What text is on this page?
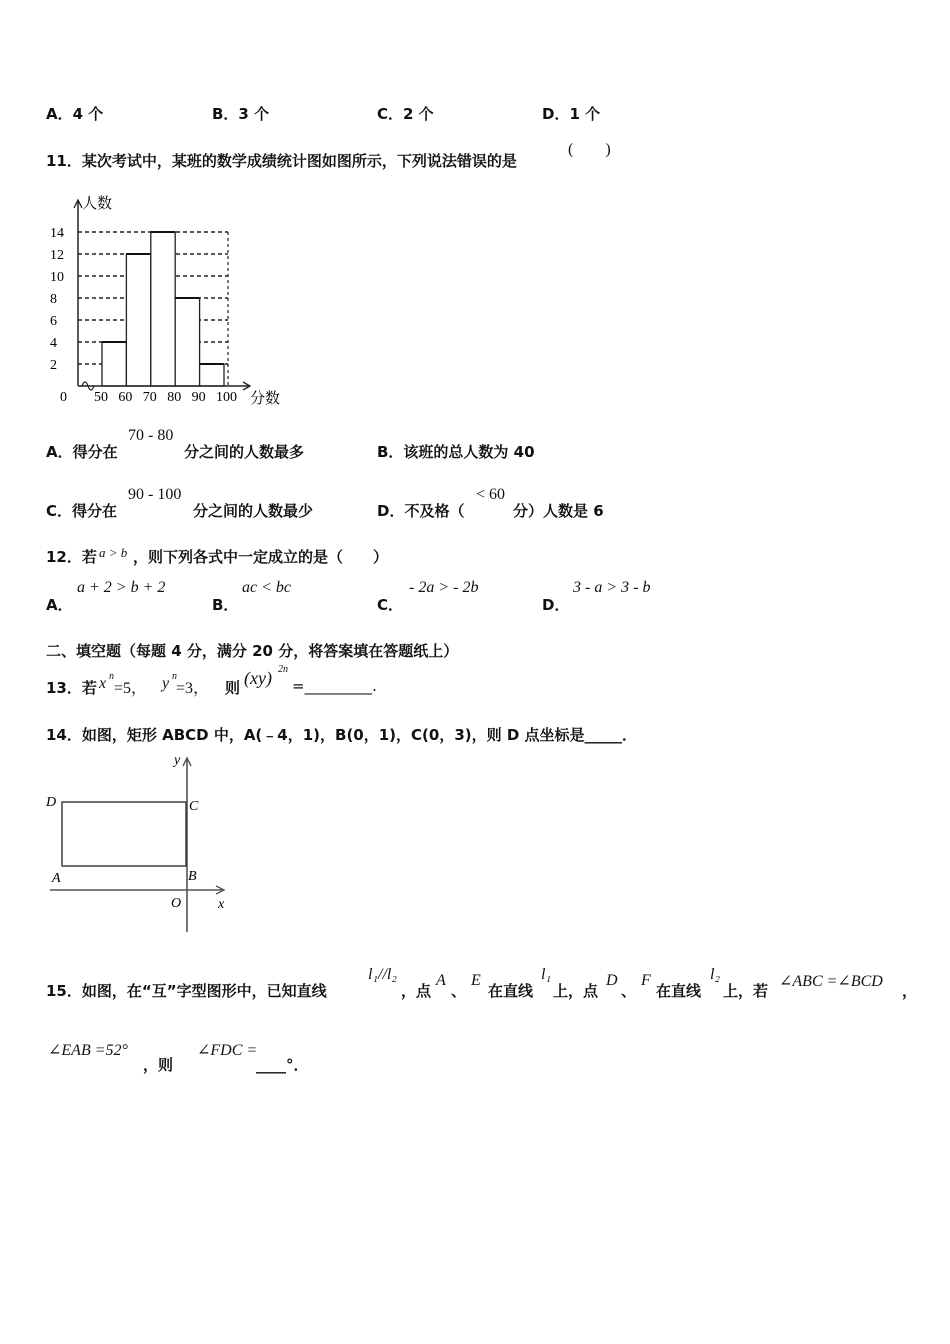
A．4 个	B．3 个	C．2 个	D．1 个
11．某次考试中，某班的数学成绩统计图如图所示，下列说法错误的是
(　　)
2
4
6
8
10
12
14
0 50 60 70 80 90 100
人数
分数
A．得分在
70 - 80
分之间的人数最多	B．该班的总人数为 40
C．得分在
90 - 100
分之间的人数最少	D．不及格（
< 60
分）人数是 6
12．若 a > b ，则下列各式中一定成立的是（　　）
A．
a + 2 > b + 2
B．
ac < bc
C．
- 2a > - 2b
D．
3 - a > 3 - b
二、填空题（每题 4 分，满分 20 分，将答案填在答题纸上）
13．若 x n
=5， y n
=3， 则 (xy) 2n
=_________.
14．如图，矩形 ABCD 中，A(﹣4，1)，B(0，1)，C(0，3)，则 D 点坐标是_____．
D	C
A	B
O	x
y
15．如图，在“互”字型图形中，已知直线
l₁//l₂
，点
A
、
E
在直线
l₁
上，点
D
、
F
在直线
l₂
上，若
∠ABC =∠BCD
，
∠EAB =52°
，则
∠FDC =
____°．
